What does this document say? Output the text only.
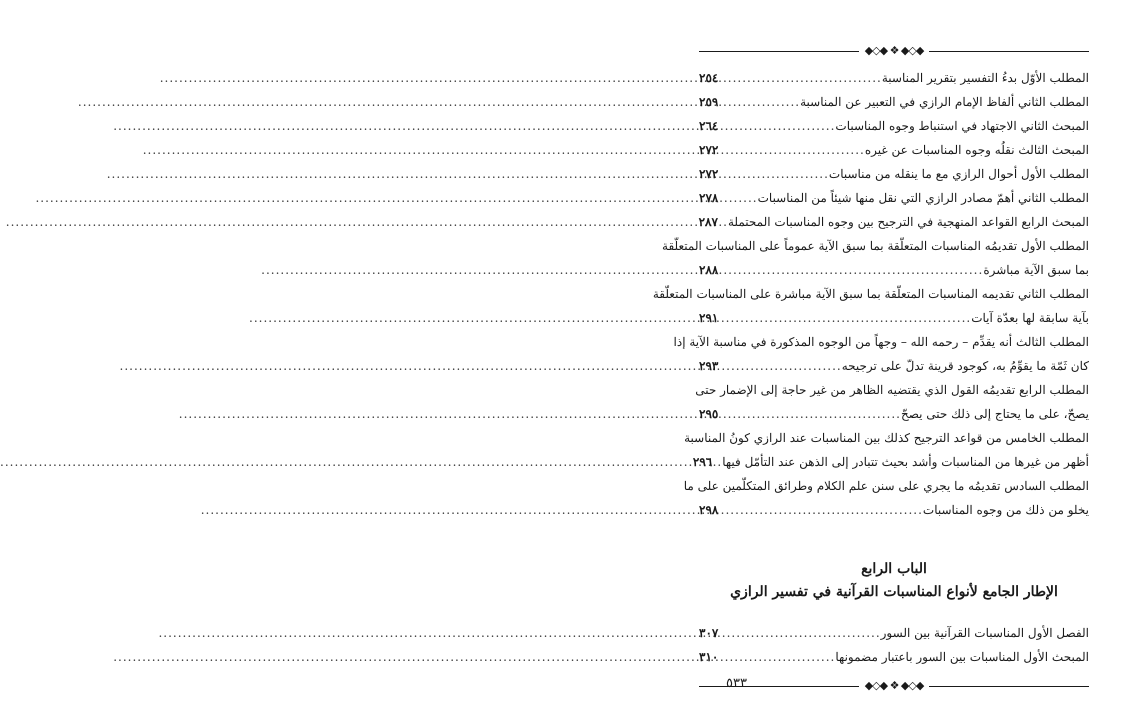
◆◇◆ ❖ ◆◇◆
المطلب الأوّل بدءُ التفسير بتقرير المناسبة
.....
٢٥٤
المطلب الثاني ألفاظ الإمام الرازي في التعبير عن المناسبة
.....
٢٥٩
المبحث الثاني الاجتهاد في استنباط وجوه المناسبات
.....
٢٦٤
المبحث الثالث نقلُه وجوه المناسبات عن غيره
.....
٢٧٢
المطلب الأول أحوال الرازي مع ما ينقله من مناسبات
.....
٢٧٢
المطلب الثاني أهمّ مصادر الرازي التي نقل منها شيئاً من المناسبات
.....
٢٧٨
المبحث الرابع القواعد المنهجية في الترجيح بين وجوه المناسبات المحتملة
.....
٢٨٧
المطلب الأول تقديمُه المناسبات المتعلّقة بما سبق الآية عموماً على المناسبات المتعلّقة
بما سبق الآية مباشرة
.....
٢٨٨
المطلب الثاني تقديمه المناسبات المتعلّقة بما سبق الآية مباشرة على المناسبات المتعلّقة
بآية سابقة لها بعدّة آيات
.....
٢٩١
المطلب الثالث أنه يقدِّم – رحمه الله – وجهاً من الوجوه المذكورة في مناسبة الآية إذا
كان ثَمّة ما يقوِّمُ به، كوجود قرينة تدلّ على ترجيحه
.....
٢٩٣
المطلب الرابع تقديمُه القول الذي يقتضيه الظاهر من غير حاجة إلى الإضمار حتى
يصحّ، على ما يحتاج إلى ذلك حتى يصحّ
.....
٢٩٥
المطلب الخامس من قواعد الترجيح كذلك بين المناسبات عند الرازي كونُ المناسبة
أظهر من غيرها من المناسبات وأشد بحيث تتبادر إلى الذهن عند التأمّل فيها
.....
٢٩٦
المطلب السادس تقديمُه ما يجري على سنن علم الكلام وطرائق المتكلّمين على ما
يخلو من ذلك من وجوه المناسبات
.....
٢٩٨
الباب الرابع
الإطار الجامع لأنواع المناسبات القرآنية في تفسير الرازي
الفصل الأول المناسبات القرآنية بين السور
.....
٣٠٧
المبحث الأول المناسبات بين السور باعتبار مضمونها
.....
٣١٠
◆◇◆ ❖ ◆◇◆
٥٣٣
